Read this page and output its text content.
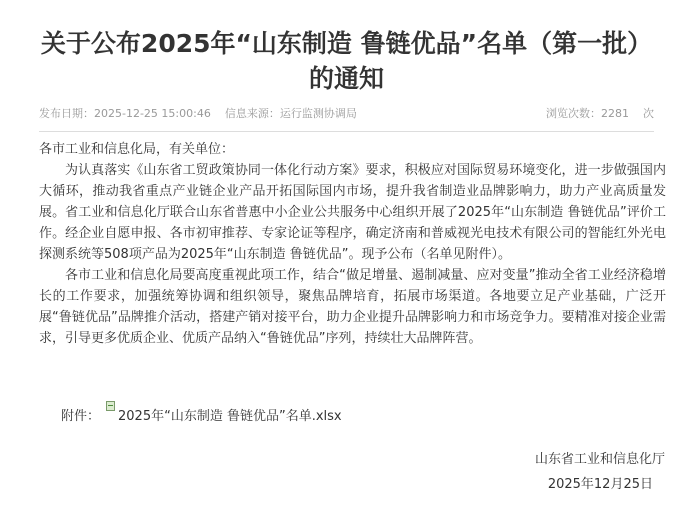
关于公布2025年“山东制造 鲁链优品”名单（第一批）
的通知
发布日期：2025-12-25 15:00:46 信息来源：运行监测协调局	浏览次数：2281 次

各市工业和信息化局，有关单位：

为认真落实《山东省工贸政策协同一体化行动方案》要求，积极应对国际贸易环境变化，进一步做强国内大循环，推动我省重点产业链企业产品开拓国际国内市场，提升我省制造业品牌影响力，助力产业高质量发展。省工业和信息化厅联合山东省普惠中小企业公共服务中心组织开展了2025年“山东制造 鲁链优品”评价工作。经企业自愿申报、各市初审推荐、专家论证等程序，确定济南和普威视光电技术有限公司的智能红外光电探测系统等508项产品为2025年“山东制造 鲁链优品”。现予公布（名单见附件）。

各市工业和信息化局要高度重视此项工作，结合“做足增量、遏制减量、应对变量”推动全省工业经济稳增长的工作要求，加强统筹协调和组织领导，聚焦品牌培育，拓展市场渠道。各地要立足产业基础，广泛开展“鲁链优品”品牌推介活动，搭建产销对接平台，助力企业提升品牌影响力和市场竞争力。要精准对接企业需求，引导更多优质企业、优质产品纳入“鲁链优品”序列，持续壮大品牌阵营。

附件： 2025年“山东制造 鲁链优品”名单.xlsx
山东省工业和信息化厅
2025年12月25日
